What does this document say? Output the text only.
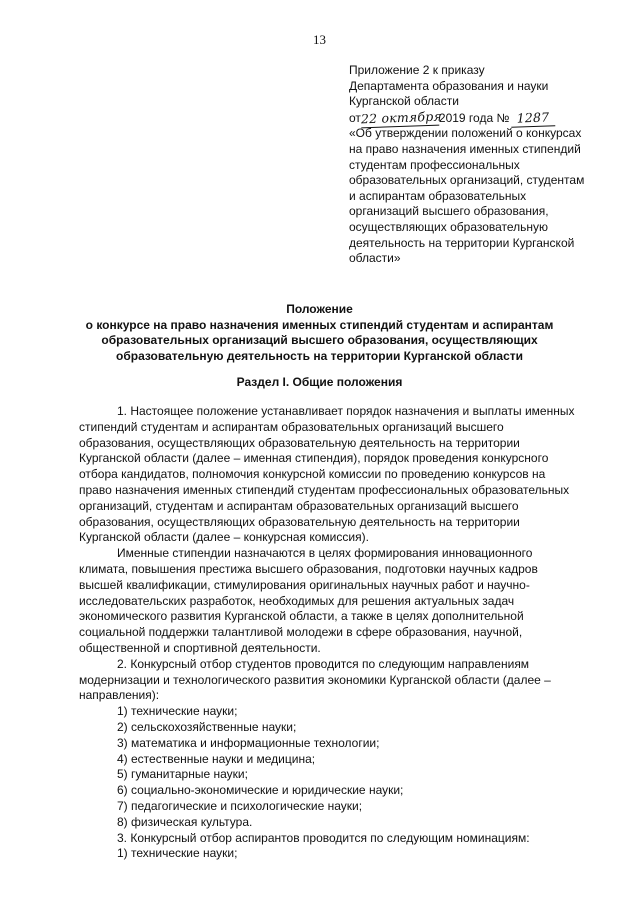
13
Приложение 2 к приказу
Департамента образования и науки
Курганской области
от22 октября2019 года № 1287
«Об утверждении положений о конкурсах
на право назначения именных стипендий
студентам профессиональных
образовательных организаций, студентам
и аспирантам образовательных
организаций высшего образования,
осуществляющих образовательную
деятельность на территории Курганской
области»
Положение
о конкурсе на право назначения именных стипендий студентам и аспирантам
образовательных организаций высшего образования, осуществляющих
образовательную деятельность на территории Курганской области
Раздел I. Общие положения

1. Настоящее положение устанавливает порядок назначения и выплаты именных

стипендий студентам и аспирантам образовательных организаций высшего

образования, осуществляющих образовательную деятельность на территории

Курганской области (далее – именная стипендия), порядок проведения конкурсного

отбора кандидатов, полномочия конкурсной комиссии по проведению конкурсов на

право назначения именных стипендий студентам профессиональных образовательных

организаций, студентам и аспирантам образовательных организаций высшего

образования, осуществляющих образовательную деятельность на территории

Курганской области (далее – конкурсная комиссия).

Именные стипендии назначаются в целях формирования инновационного

климата, повышения престижа высшего образования, подготовки научных кадров

высшей квалификации, стимулирования оригинальных научных работ и научно-

исследовательских разработок, необходимых для решения актуальных задач

экономического развития Курганской области, а также в целях дополнительной

социальной поддержки талантливой молодежи в сфере образования, научной,

общественной и спортивной деятельности.

2. Конкурсный отбор студентов проводится по следующим направлениям

модернизации и технологического развития экономики Курганской области (далее –

направления):

1) технические науки;
2) сельскохозяйственные науки;
3) математика и информационные технологии;
4) естественные науки и медицина;
5) гуманитарные науки;
6) социально-экономические и юридические науки;
7) педагогические и психологические науки;
8) физическая культура.
3. Конкурсный отбор аспирантов проводится по следующим номинациям:
1) технические науки;
